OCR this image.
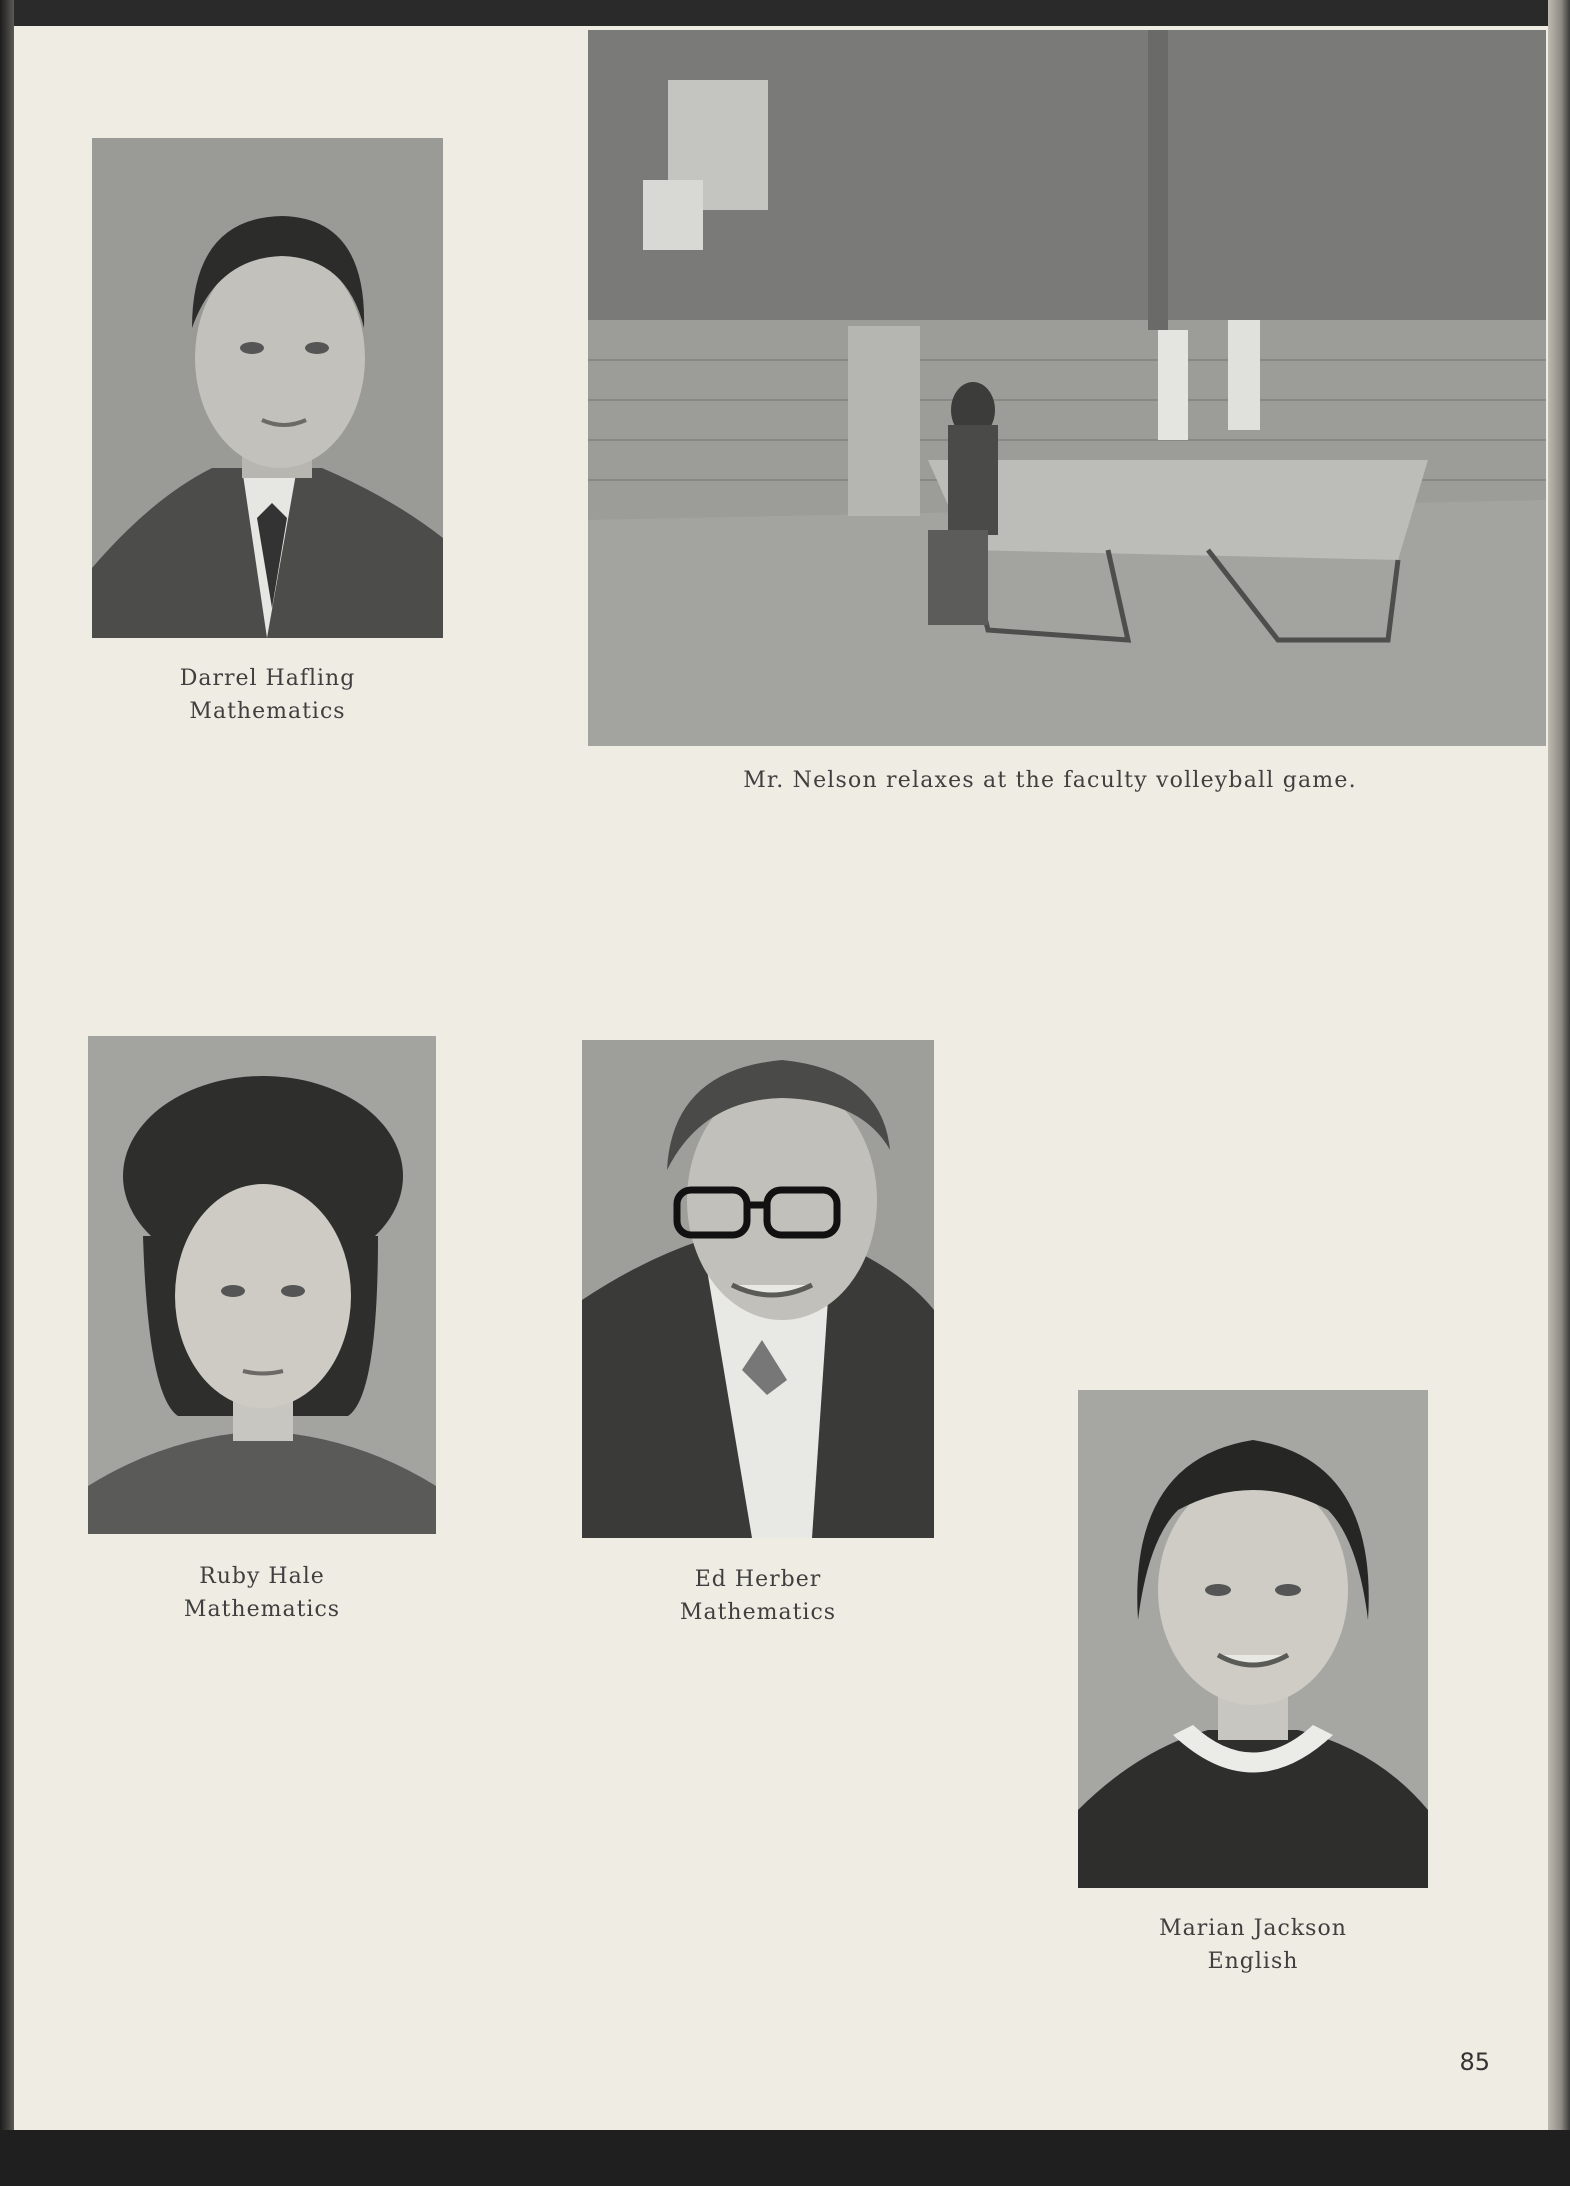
Darrel Hafling
Mathematics
Mr. Nelson relaxes at the faculty volleyball game.
Ruby Hale
Mathematics
Ed Herber
Mathematics
Marian Jackson
English
85
